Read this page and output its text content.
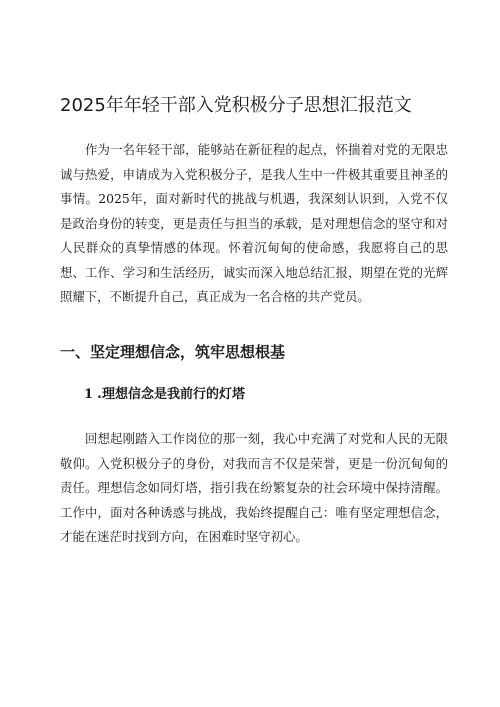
2025年年轻干部入党积极分子思想汇报范文

作为一名年轻干部，能够站在新征程的起点，怀揣着对党的无限忠诚与热爱，申请成为入党积极分子，是我人生中一件极其重要且神圣的事情。2025年，面对新时代的挑战与机遇，我深刻认识到，入党不仅是政治身份的转变，更是责任与担当的承载，是对理想信念的坚守和对人民群众的真挚情感的体现。怀着沉甸甸的使命感，我愿将自己的思想、工作、学习和生活经历，诚实而深入地总结汇报，期望在党的光辉照耀下，不断提升自己，真正成为一名合格的共产党员。

一、坚定理想信念，筑牢思想根基
1 .理想信念是我前行的灯塔

回想起刚踏入工作岗位的那一刻，我心中充满了对党和人民的无限敬仰。入党积极分子的身份，对我而言不仅是荣誉，更是一份沉甸甸的责任。理想信念如同灯塔，指引我在纷繁复杂的社会环境中保持清醒。工作中，面对各种诱惑与挑战，我始终提醒自己：唯有坚定理想信念，才能在迷茫时找到方向，在困难时坚守初心。
